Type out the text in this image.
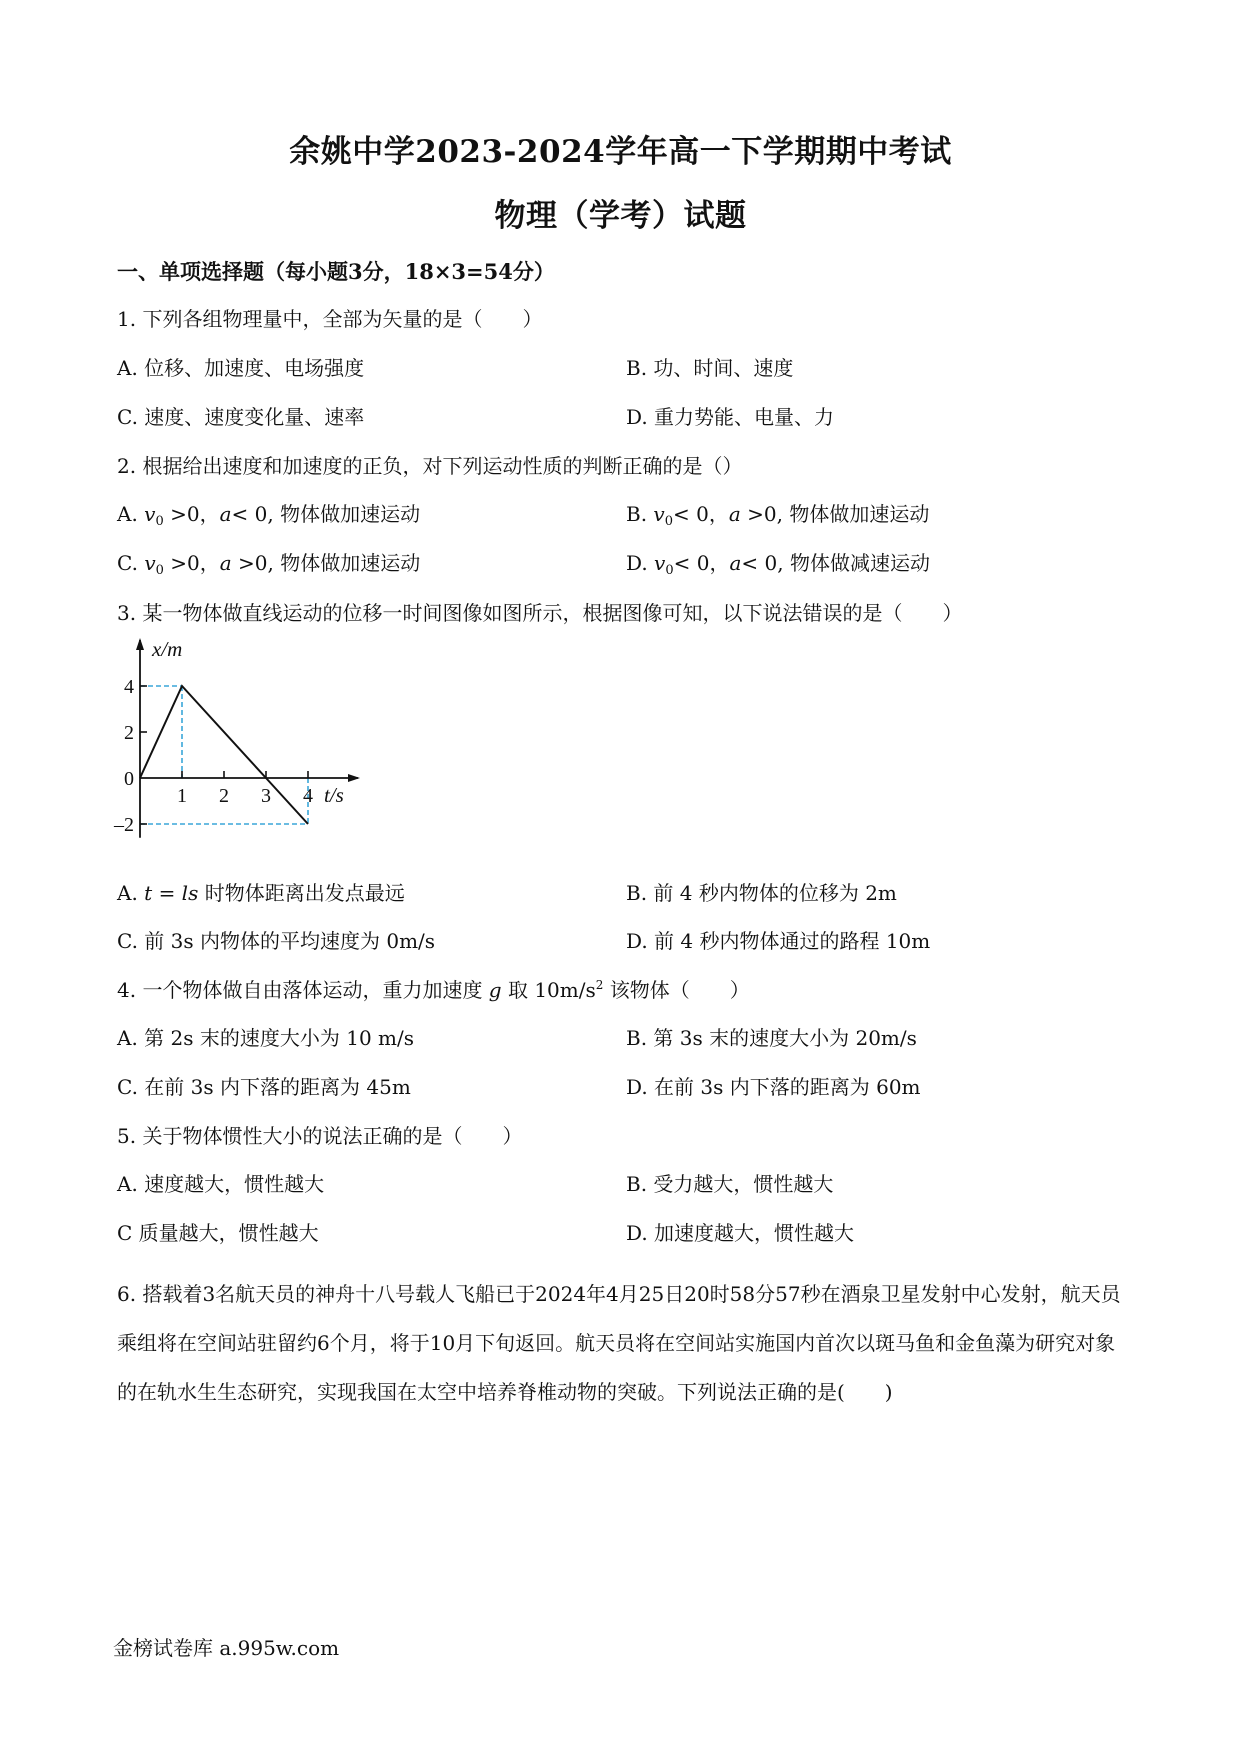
余姚中学2023-2024学年高一下学期期中考试
物理（学考）试题
一、单项选择题（每小题3分，18×3=54分）
1. 下列各组物理量中，全部为矢量的是（　　）
A. 位移、加速度、电场强度	B. 功、时间、速度
C. 速度、速度变化量、速率	D. 重力势能、电量、力
2. 根据给出速度和加速度的正负，对下列运动性质的判断正确的是（）
A. $v_0 >0$，a< 0, 物体做加速运动	B. $v_0< 0$，a >0, 物体做加速运动
C. $v_0 >0$，a >0, 物体做加速运动	D. $v_0< 0$，a< 0, 物体做减速运动
3. 某一物体做直线运动的位移一时间图像如图所示，根据图像可知，以下说法错误的是（　　）
1 2 3 4
4
2
0
–2
x/m
t/s
A. t = ls 时物体距离出发点最远	B. 前 4 秒内物体的位移为 2m
C. 前 3s 内物体的平均速度为 0m/s	D. 前 4 秒内物体通过的路程 10m
4. 一个物体做自由落体运动，重力加速度 g 取 $10m/s^2$ 该物体（　　）
A. 第 2s 末的速度大小为 10 m/s	B. 第 3s 末的速度大小为 20m/s
C. 在前 3s 内下落的距离为 45m	D. 在前 3s 内下落的距离为 60m
5. 关于物体惯性大小的说法正确的是（　　）
A. 速度越大，惯性越大	B. 受力越大，惯性越大
C 质量越大，惯性越大	D. 加速度越大，惯性越大
6. 搭载着3名航天员的神舟十八号载人飞船已于2024年4月25日20时58分57秒在酒泉卫星发射中心发射，航天员乘组将在空间站驻留约6个月，将于10月下旬返回。航天员将在空间站实施国内首次以斑马鱼和金鱼藻为研究对象的在轨水生生态研究，实现我国在太空中培养脊椎动物的突破。下列说法正确的是(　　)
金榜试卷库 a.995w.com
